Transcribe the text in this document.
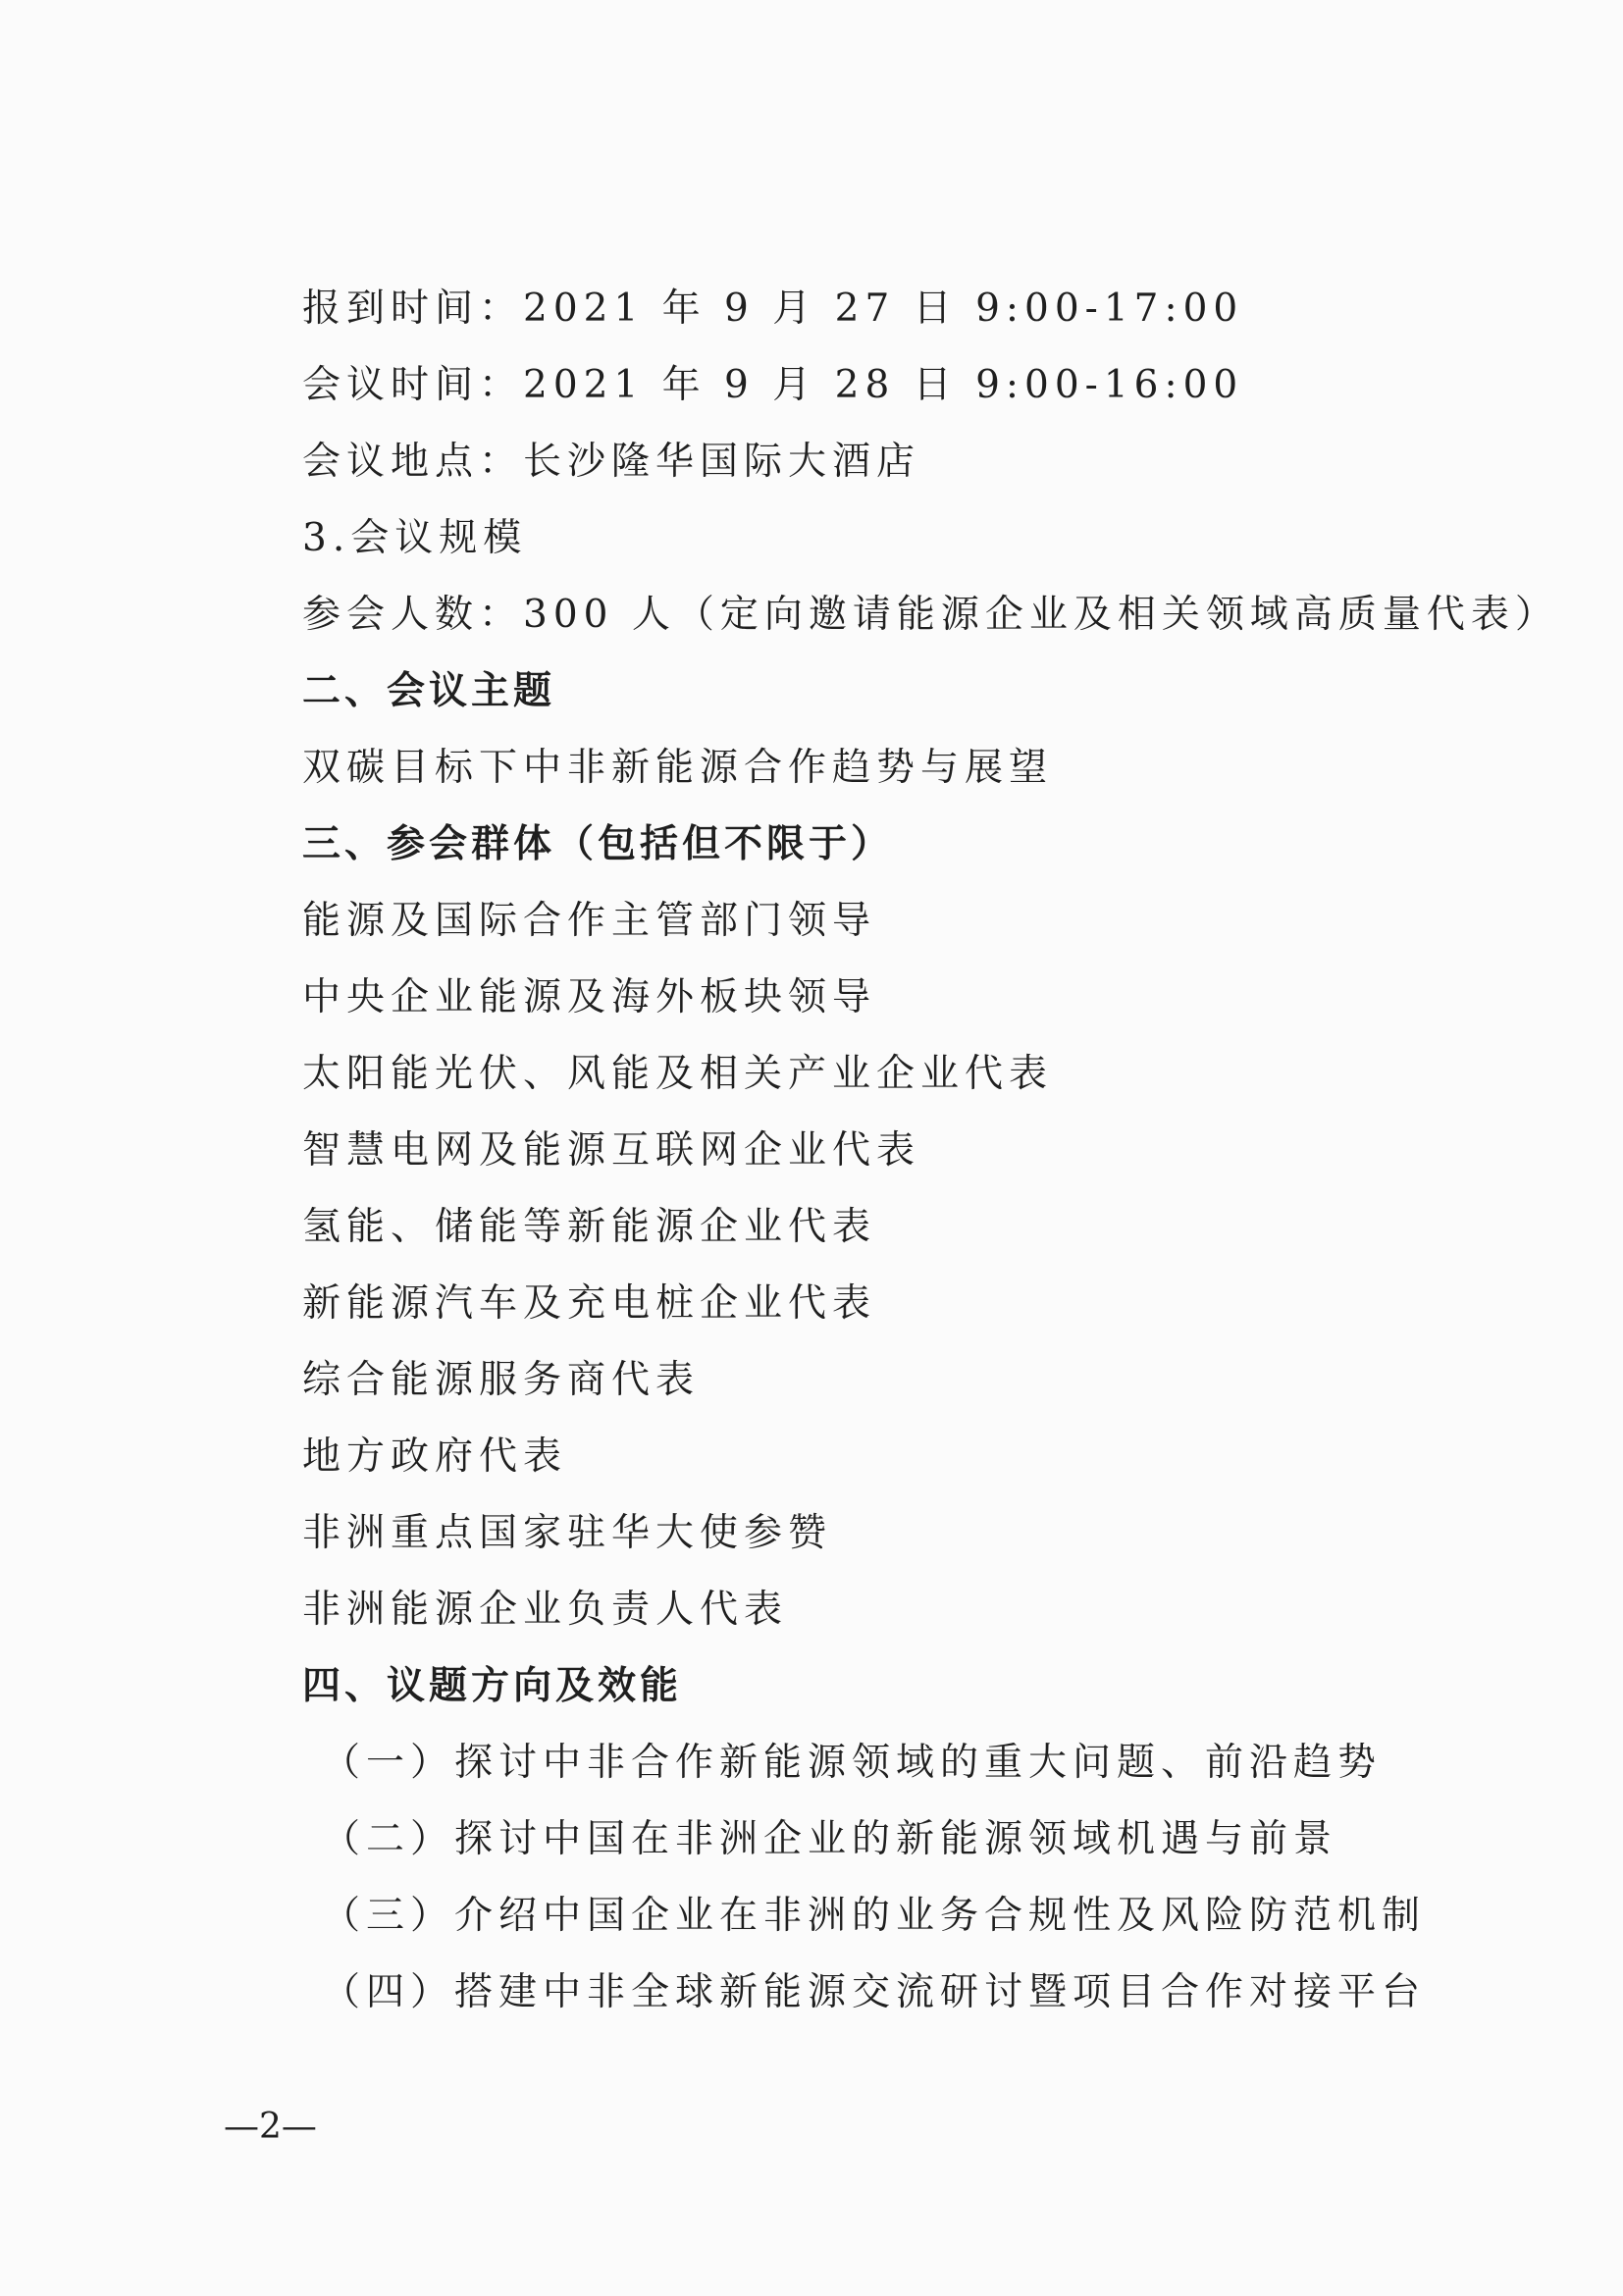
报到时间：2021 年 9 月 27 日 9:00-17:00
会议时间：2021 年 9 月 28 日 9:00-16:00
会议地点：长沙隆华国际大酒店
3.会议规模
参会人数：300 人（定向邀请能源企业及相关领域高质量代表）
二、会议主题
双碳目标下中非新能源合作趋势与展望
三、参会群体（包括但不限于）
能源及国际合作主管部门领导
中央企业能源及海外板块领导
太阳能光伏、风能及相关产业企业代表
智慧电网及能源互联网企业代表
氢能、储能等新能源企业代表
新能源汽车及充电桩企业代表
综合能源服务商代表
地方政府代表
非洲重点国家驻华大使参赞
非洲能源企业负责人代表
四、议题方向及效能
（一）探讨中非合作新能源领域的重大问题、前沿趋势
（二）探讨中国在非洲企业的新能源领域机遇与前景
（三）介绍中国企业在非洲的业务合规性及风险防范机制
（四）搭建中非全球新能源交流研讨暨项目合作对接平台
—2—
